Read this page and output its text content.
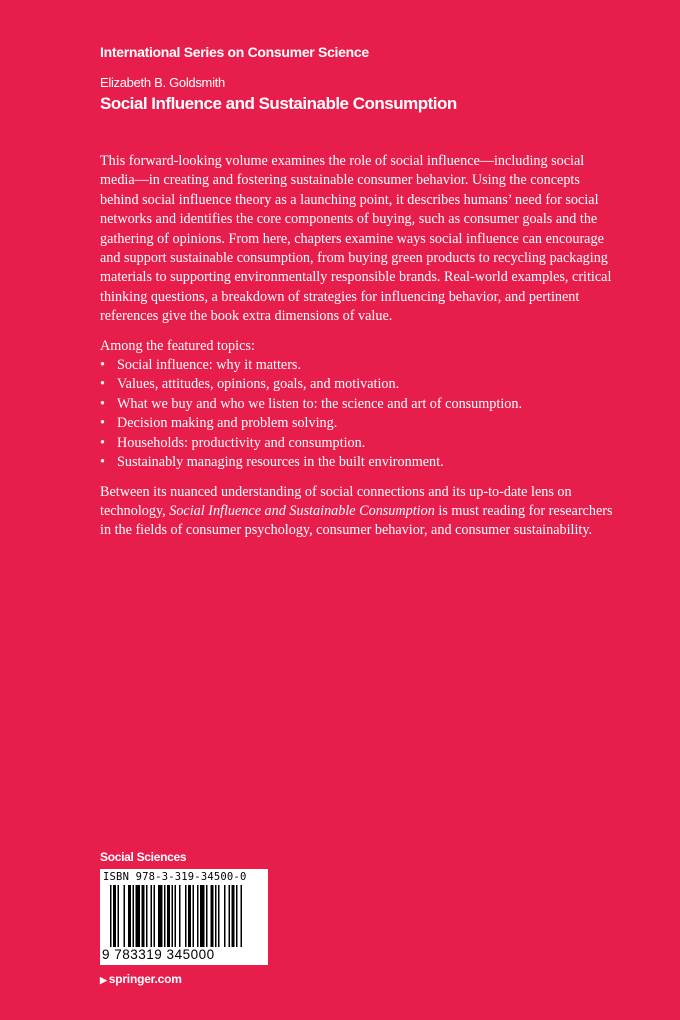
International Series on Consumer Science
Elizabeth B. Goldsmith
Social Influence and Sustainable Consumption

This forward-looking volume examines the role of social influence—including social media—in creating and fostering sustainable consumer behavior. Using the concepts behind social influence theory as a launching point, it describes humans’ need for social networks and identifies the core components of buying, such as consumer goals and the gathering of opinions. From here, chapters examine ways social influence can encourage and support sustainable consumption, from buying green products to recycling packaging materials to supporting environmentally responsible brands. Real-world examples, critical thinking questions, a breakdown of strategies for influencing behavior, and pertinent references give the book extra dimensions of value.

Among the featured topics:

• Social influence: why it matters.
• Values, attitudes, opinions, goals, and motivation.
• What we buy and who we listen to: the science and art of consumption.
• Decision making and problem solving.
• Households: productivity and consumption.
• Sustainably managing resources in the built environment.

Between its nuanced understanding of social connections and its up-to-date lens on technology, Social Influence and Sustainable Consumption is must reading for researchers in the fields of consumer psychology, consumer behavior, and consumer sustainability.

Social Sciences
ISBN 978-3-319-34500-0
9 783319 345000
▶ springer.com
